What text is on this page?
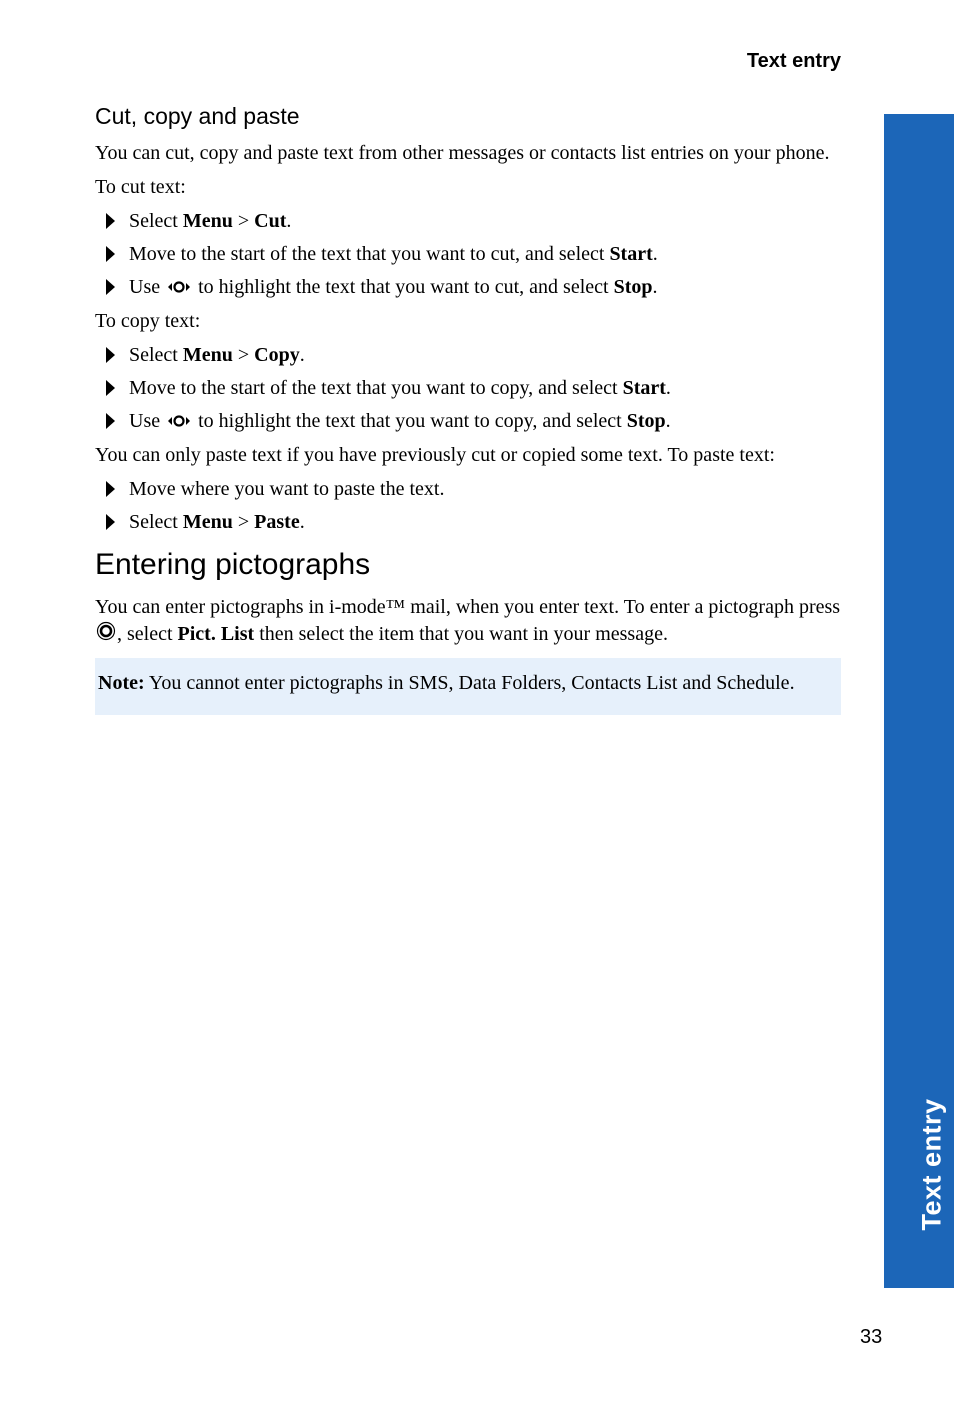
Text entry
Text entry
Cut, copy and paste

You can cut, copy and paste text from other messages or contacts list entries on your phone.

To cut text:

Select Menu > Cut.
Move to the start of the text that you want to cut, and select Start.
Use  to highlight the text that you want to cut, and select Stop.

To copy text:

Select Menu > Copy.
Move to the start of the text that you want to copy, and select Start.
Use  to highlight the text that you want to copy, and select Stop.

You can only paste text if you have previously cut or copied some text. To paste text:

Move where you want to paste the text.
Select Menu > Paste.
Entering pictographs

You can enter pictographs in i-mode™ mail, when you enter text. To enter a pictograph press , select Pict. List then select the item that you want in your message.

Note: You cannot enter pictographs in SMS, Data Folders, Contacts List and Schedule.
33
